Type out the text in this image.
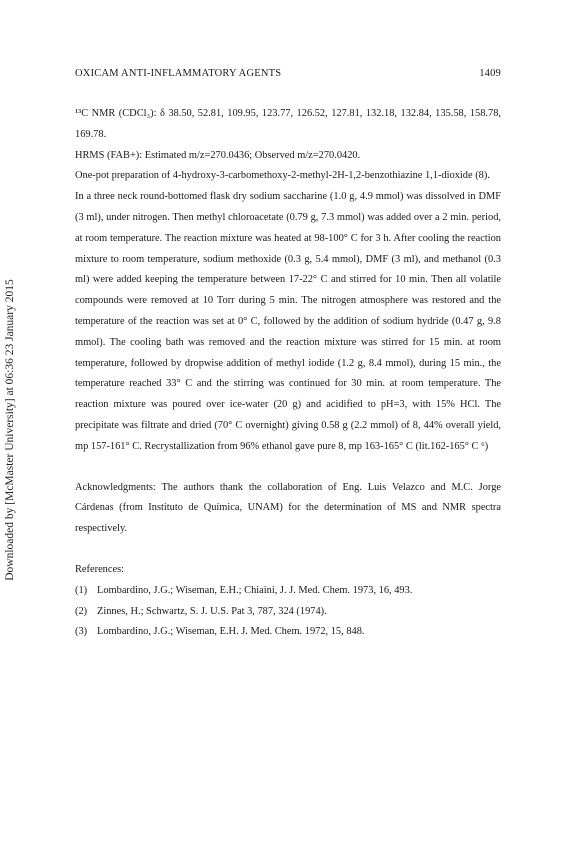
Downloaded by [McMaster University] at 06:36 23 January 2015
OXICAM ANTI-INFLAMMATORY AGENTS	1409

¹³C NMR (CDCl₃): δ 38.50, 52.81, 109.95, 123.77, 126.52, 127.81, 132.18, 132.84, 135.58, 158.78, 169.78.

HRMS (FAB+): Estimated m/z=270.0436; Observed m/z=270.0420.

One-pot preparation of 4-hydroxy-3-carbomethoxy-2-methyl-2H-1,2-benzothiazine 1,1-dioxide (8).

In a three neck round-bottomed flask dry sodium saccharine (1.0 g, 4.9 mmol) was dissolved in DMF (3 ml), under nitrogen. Then methyl chloroacetate (0.79 g, 7.3 mmol) was added over a 2 min. period, at room temperature. The reaction mixture was heated at 98-100° C for 3 h. After cooling the reaction mixture to room temperature, sodium methoxide (0.3 g, 5.4 mmol), DMF (3 ml), and methanol (0.3 ml) were added keeping the temperature between 17-22° C and stirred for 10 min. Then all volatile compounds were removed at 10 Torr during 5 min. The nitrogen atmosphere was restored and the temperature of the reaction was set at 0° C, followed by the addition of sodium hydride (0.47 g, 9.8 mmol). The cooling bath was removed and the reaction mixture was stirred for 15 min. at room temperature, followed by dropwise addition of methyl iodide (1.2 g, 8.4 mmol), during 15 min., the temperature reached 33° C and the stirring was continued for 30 min. at room temperature. The reaction mixture was poured over ice-water (20 g) and acidified to pH=3, with 15% HCl. The precipitate was filtrate and dried (70° C overnight) giving 0.58 g (2.2 mmol) of 8, 44% overall yield, mp 157-161° C. Recrystallization from 96% ethanol gave pure 8, mp 163-165° C (lit.162-165° C ⁶)

Acknowledgments: The authors thank the collaboration of Eng. Luis Velazco and M.C. Jorge Cárdenas (from Instituto de Química, UNAM) for the determination of MS and NMR spectra respectively.

References:

(1) Lombardino, J.G.; Wiseman, E.H.; Chiaini, J. J. Med. Chem. 1973, 16, 493.
(2) Zinnes, H.; Schwartz, S. J. U.S. Pat 3, 787, 324 (1974).
(3) Lombardino, J.G.; Wiseman, E.H. J. Med. Chem. 1972, 15, 848.
